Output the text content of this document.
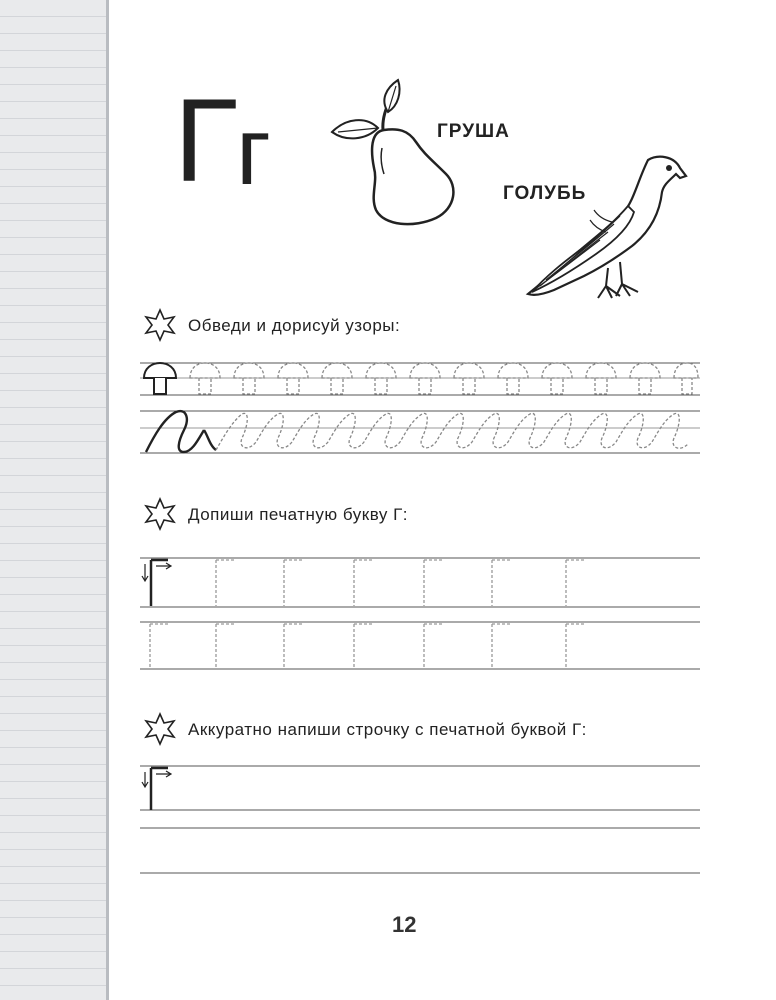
Г г	ГРУША
ГОЛУБЬ
Обведи и дорисуй узоры:
Допиши печатную букву Г:
Аккуратно напиши строчку с печатной буквой Г:
12
